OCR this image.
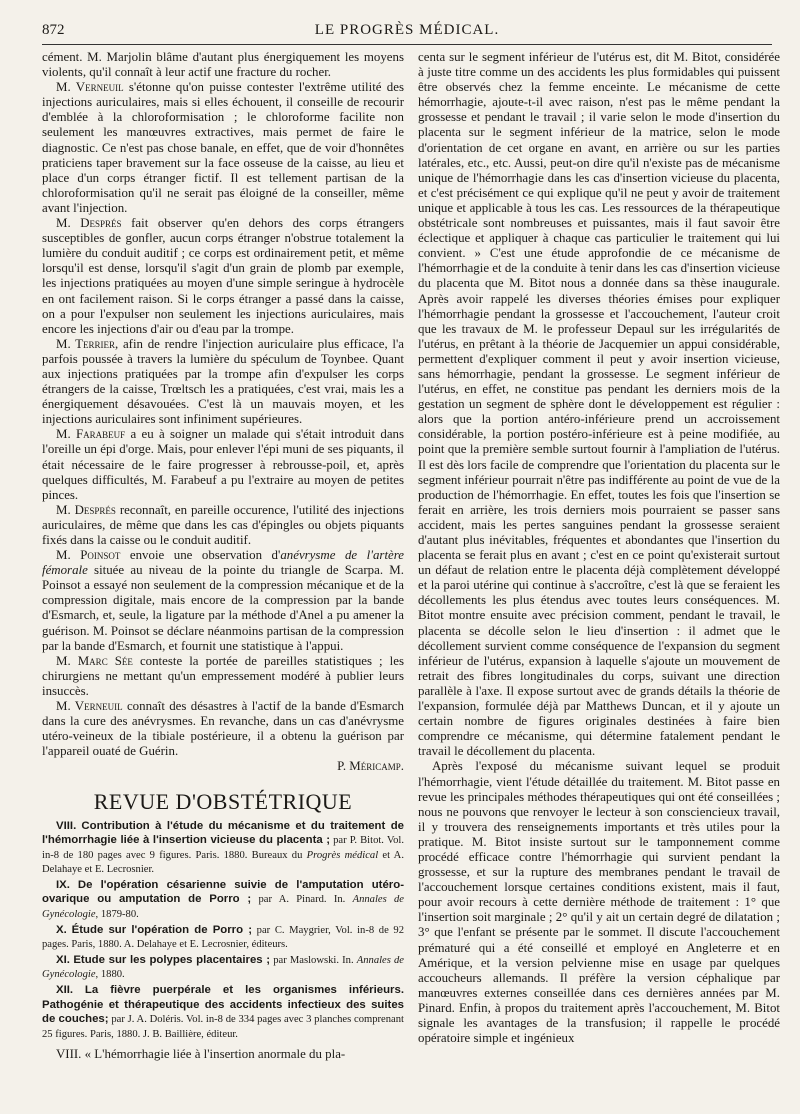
872	LE PROGRÈS MÉDICAL.

cément. M. Marjolin blâme d'autant plus énergiquement les moyens violents, qu'il connaît à leur actif une fracture du rocher.

M. Verneuil s'étonne qu'on puisse contester l'extrême utilité des injections auriculaires, mais si elles échouent, il conseille de recourir d'emblée à la chloroformisation ; le chloroforme facilite non seulement les manœuvres extractives, mais permet de faire le diagnostic. Ce n'est pas chose banale, en effet, que de voir d'honnêtes praticiens taper bravement sur la face osseuse de la caisse, au lieu et place d'un corps étranger fictif. Il est tellement partisan de la chloroformisation qu'il ne serait pas éloigné de la conseiller, même avant l'injection.

M. Després fait observer qu'en dehors des corps étrangers susceptibles de gonfler, aucun corps étranger n'obstrue totalement la lumière du conduit auditif ; ce corps est ordinairement petit, et même lorsqu'il est dense, lorsqu'il s'agit d'un grain de plomb par exemple, les injections pratiquées au moyen d'une simple seringue à hydrocèle en ont facilement raison. Si le corps étranger a passé dans la caisse, on a pour l'expulser non seulement les injections auriculaires, mais encore les injections d'air ou d'eau par la trompe.

M. Terrier, afin de rendre l'injection auriculaire plus efficace, l'a parfois poussée à travers la lumière du spéculum de Toynbee. Quant aux injections pratiquées par la trompe afin d'expulser les corps étrangers de la caisse, Trœltsch les a pratiquées, c'est vrai, mais les a énergiquement désavouées. C'est là un mauvais moyen, et les injections auriculaires sont infiniment supérieures.

M. Farabeuf a eu à soigner un malade qui s'était introduit dans l'oreille un épi d'orge. Mais, pour enlever l'épi muni de ses piquants, il était nécessaire de le faire progresser à rebrousse-poil, et, après quelques difficultés, M. Farabeuf a pu l'extraire au moyen de petites pinces.

M. Després reconnaît, en pareille occurence, l'utilité des injections auriculaires, de même que dans les cas d'épingles ou objets piquants fixés dans la caisse ou le conduit auditif.

M. Poinsot envoie une observation d'anévrysme de l'artère fémorale située au niveau de la pointe du triangle de Scarpa. M. Poinsot a essayé non seulement de la compression mécanique et de la compression digitale, mais encore de la compression par la bande d'Esmarch, et, seule, la ligature par la méthode d'Anel a pu amener la guérison. M. Poinsot se déclare néanmoins partisan de la compression par la bande d'Esmarch, et fournit une statistique à l'appui.

M. Marc Sée conteste la portée de pareilles statistiques ; les chirurgiens ne mettant qu'un empressement modéré à publier leurs insuccès.

M. Verneuil connaît des désastres à l'actif de la bande d'Esmarch dans la cure des anévrysmes. En revanche, dans un cas d'anévrysme utéro-veineux de la tibiale postérieure, il a obtenu la guérison par l'appareil ouaté de Guérin.

P. Méricamp.
REVUE D'OBSTÉTRIQUE

VIII. Contribution à l'étude du mécanisme et du traitement de l'hémorrhagie liée à l'insertion vicieuse du placenta ; par P. Bitot. Vol. in-8 de 180 pages avec 9 figures. Paris. 1880. Bureaux du Progrès médical et A. Delahaye et E. Lecrosnier.

IX. De l'opération césarienne suivie de l'amputation utéro-ovarique ou amputation de Porro ; par A. Pinard. In. Annales de Gynécologie, 1879-80.

X. Étude sur l'opération de Porro ; par C. Maygrier, Vol. in-8 de 92 pages. Paris, 1880. A. Delahaye et E. Lecrosnier, éditeurs.

XI. Etude sur les polypes placentaires ; par Maslowski. In. Annales de Gynécologie, 1880.

XII. La fièvre puerpérale et les organismes inférieurs. Pathogénie et thérapeutique des accidents infectieux des suites de couches; par J. A. Doléris. Vol. in-8 de 334 pages avec 3 planches comprenant 25 figures. Paris, 1880. J. B. Baillière, éditeur.

VIII. « L'hémorrhagie liée à l'insertion anormale du pla-

centa sur le segment inférieur de l'utérus est, dit M. Bitot, considérée à juste titre comme un des accidents les plus formidables qui puissent être observés chez la femme enceinte. Le mécanisme de cette hémorrhagie, ajoute-t-il avec raison, n'est pas le même pendant la grossesse et pendant le travail ; il varie selon le mode d'insertion du placenta sur le segment inférieur de la matrice, selon le mode d'orientation de cet organe en avant, en arrière ou sur les parties latérales, etc., etc. Aussi, peut-on dire qu'il n'existe pas de mécanisme unique de l'hémorrhagie dans les cas d'insertion vicieuse du placenta, et c'est précisément ce qui explique qu'il ne peut y avoir de traitement unique et applicable à tous les cas. Les ressources de la thérapeutique obstétricale sont nombreuses et puissantes, mais il faut savoir être éclectique et appliquer à chaque cas particulier le traitement qui lui convient. » C'est une étude approfondie de ce mécanisme de l'hémorrhagie et de la conduite à tenir dans les cas d'insertion vicieuse du placenta que M. Bitot nous a donnée dans sa thèse inaugurale. Après avoir rappelé les diverses théories émises pour expliquer l'hémorrhagie pendant la grossesse et l'accouchement, l'auteur croit que les travaux de M. le professeur Depaul sur les irrégularités de l'utérus, en prêtant à la théorie de Jacquemier un appui considérable, permettent d'expliquer comment il peut y avoir insertion vicieuse, sans hémorrhagie, pendant la grossesse. Le segment inférieur de l'utérus, en effet, ne constitue pas pendant les derniers mois de la gestation un segment de sphère dont le développement est régulier : alors que la portion antéro-inférieure prend un accroissement considérable, la portion postéro-inférieure est à peine modifiée, au point que la première semble surtout fournir à l'ampliation de l'utérus. Il est dès lors facile de comprendre que l'orientation du placenta sur le segment inférieur pourrait n'être pas indifférente au point de vue de la production de l'hémorrhagie. En effet, toutes les fois que l'insertion se ferait en arrière, les trois derniers mois pourraient se passer sans accident, mais les pertes sanguines pendant la grossesse seraient d'autant plus inévitables, fréquentes et abondantes que l'insertion du placenta se ferait plus en avant ; c'est en ce point qu'existerait surtout un défaut de relation entre le placenta déjà complètement développé et la paroi utérine qui continue à s'accroître, c'est là que se feraient les décollements les plus étendus avec toutes leurs conséquences. M. Bitot montre ensuite avec précision comment, pendant le travail, le placenta se décolle selon le lieu d'insertion : il admet que le décollement survient comme conséquence de l'expansion du segment inférieur de l'utérus, expansion à laquelle s'ajoute un mouvement de retrait des fibres longitudinales du corps, suivant une direction parallèle à l'axe. Il expose surtout avec de grands détails la théorie de l'expansion, formulée déjà par Matthews Duncan, et il y ajoute un certain nombre de figures originales destinées à faire bien comprendre ce mécanisme, qui détermine fatalement pendant le travail le décollement du placenta.

Après l'exposé du mécanisme suivant lequel se produit l'hémorrhagie, vient l'étude détaillée du traitement. M. Bitot passe en revue les principales méthodes thérapeutiques qui ont été conseillées ; nous ne pouvons que renvoyer le lecteur à son consciencieux travail, il y trouvera des renseignements importants et très utiles pour la pratique. M. Bitot insiste surtout sur le tamponnement comme procédé efficace contre l'hémorrhagie qui survient pendant la grossesse, et sur la rupture des membranes pendant le travail de l'accouchement lorsque certaines conditions existent, mais il faut, pour avoir recours à cette dernière méthode de traitement : 1° que l'insertion soit marginale ; 2° qu'il y ait un certain degré de dilatation ; 3° que l'enfant se présente par le sommet. Il discute l'accouchement prématuré qui a été conseillé et employé en Angleterre et en Amérique, et la version pelvienne mise en usage par quelques accoucheurs allemands. Il préfère la version céphalique par manœuvres externes conseillée dans ces dernières années par M. Pinard. Enfin, à propos du traitement après l'accouchement, M. Bitot signale les avantages de la transfusion; il rappelle le procédé opératoire simple et ingénieux
